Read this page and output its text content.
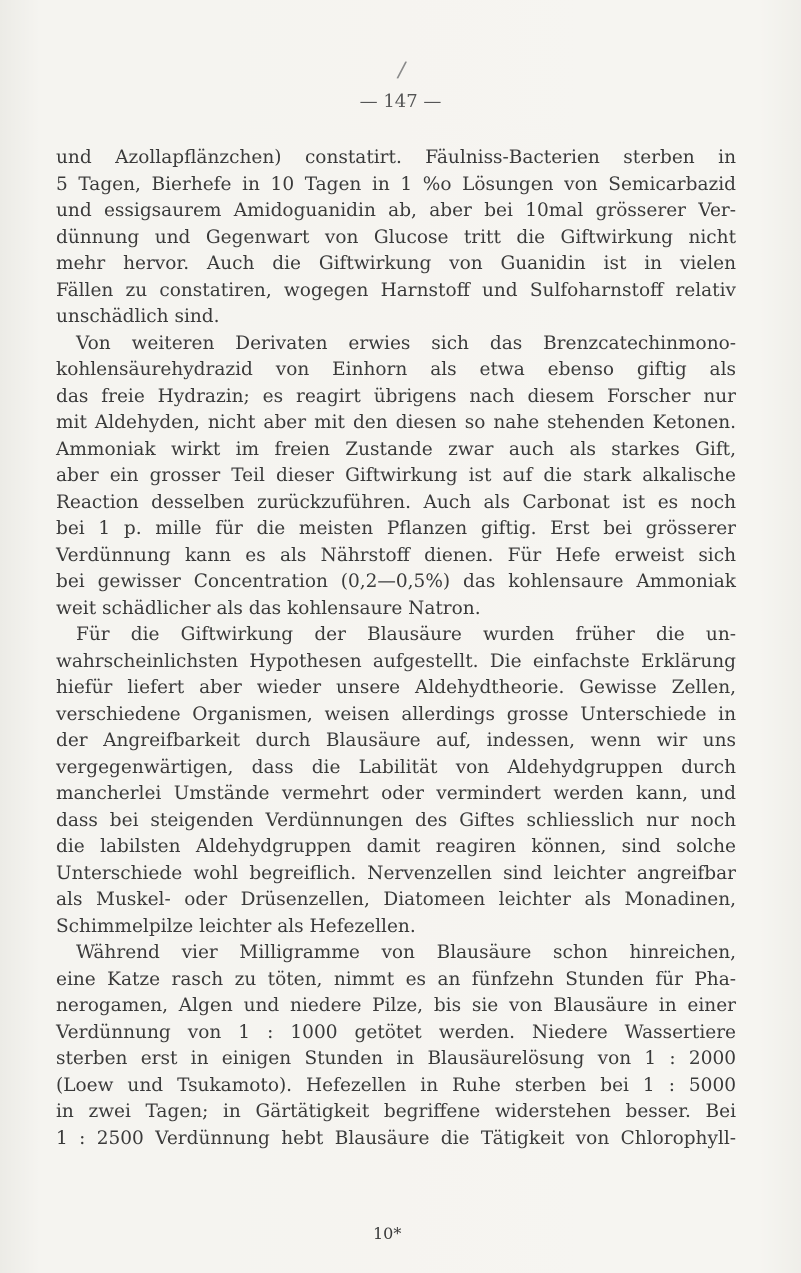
/
— 147 —
und Azollapflänzchen) constatirt. Fäulniss-Bacterien sterben in
5 Tagen, Bierhefe in 10 Tagen in 1 %o Lösungen von Semicarbazid
und essigsaurem Amidoguanidin ab, aber bei 10mal grösserer Ver-
dünnung und Gegenwart von Glucose tritt die Giftwirkung nicht
mehr hervor. Auch die Giftwirkung von Guanidin ist in vielen
Fällen zu constatiren, wogegen Harnstoff und Sulfoharnstoff relativ
unschädlich sind.
Von weiteren Derivaten erwies sich das Brenzcatechinmono-
kohlensäurehydrazid von Einhorn als etwa ebenso giftig als
das freie Hydrazin; es reagirt übrigens nach diesem Forscher nur
mit Aldehyden, nicht aber mit den diesen so nahe stehenden Ketonen.
Ammoniak wirkt im freien Zustande zwar auch als starkes Gift,
aber ein grosser Teil dieser Giftwirkung ist auf die stark alkalische
Reaction desselben zurückzuführen. Auch als Carbonat ist es noch
bei 1 p. mille für die meisten Pflanzen giftig. Erst bei grösserer
Verdünnung kann es als Nährstoff dienen. Für Hefe erweist sich
bei gewisser Concentration (0,2—0,5%) das kohlensaure Ammoniak
weit schädlicher als das kohlensaure Natron.
Für die Giftwirkung der Blausäure wurden früher die un-
wahrscheinlichsten Hypothesen aufgestellt. Die einfachste Erklärung
hiefür liefert aber wieder unsere Aldehydtheorie. Gewisse Zellen,
verschiedene Organismen, weisen allerdings grosse Unterschiede in
der Angreifbarkeit durch Blausäure auf, indessen, wenn wir uns
vergegenwärtigen, dass die Labilität von Aldehydgruppen durch
mancherlei Umstände vermehrt oder vermindert werden kann, und
dass bei steigenden Verdünnungen des Giftes schliesslich nur noch
die labilsten Aldehydgruppen damit reagiren können, sind solche
Unterschiede wohl begreiflich. Nervenzellen sind leichter angreifbar
als Muskel- oder Drüsenzellen, Diatomeen leichter als Monadinen,
Schimmelpilze leichter als Hefezellen.
Während vier Milligramme von Blausäure schon hinreichen,
eine Katze rasch zu töten, nimmt es an fünfzehn Stunden für Pha-
nerogamen, Algen und niedere Pilze, bis sie von Blausäure in einer
Verdünnung von 1 : 1000 getötet werden. Niedere Wassertiere
sterben erst in einigen Stunden in Blausäurelösung von 1 : 2000
(Loew und Tsukamoto). Hefezellen in Ruhe sterben bei 1 : 5000
in zwei Tagen; in Gärtätigkeit begriffene widerstehen besser. Bei
1 : 2500 Verdünnung hebt Blausäure die Tätigkeit von Chlorophyll-
10*
